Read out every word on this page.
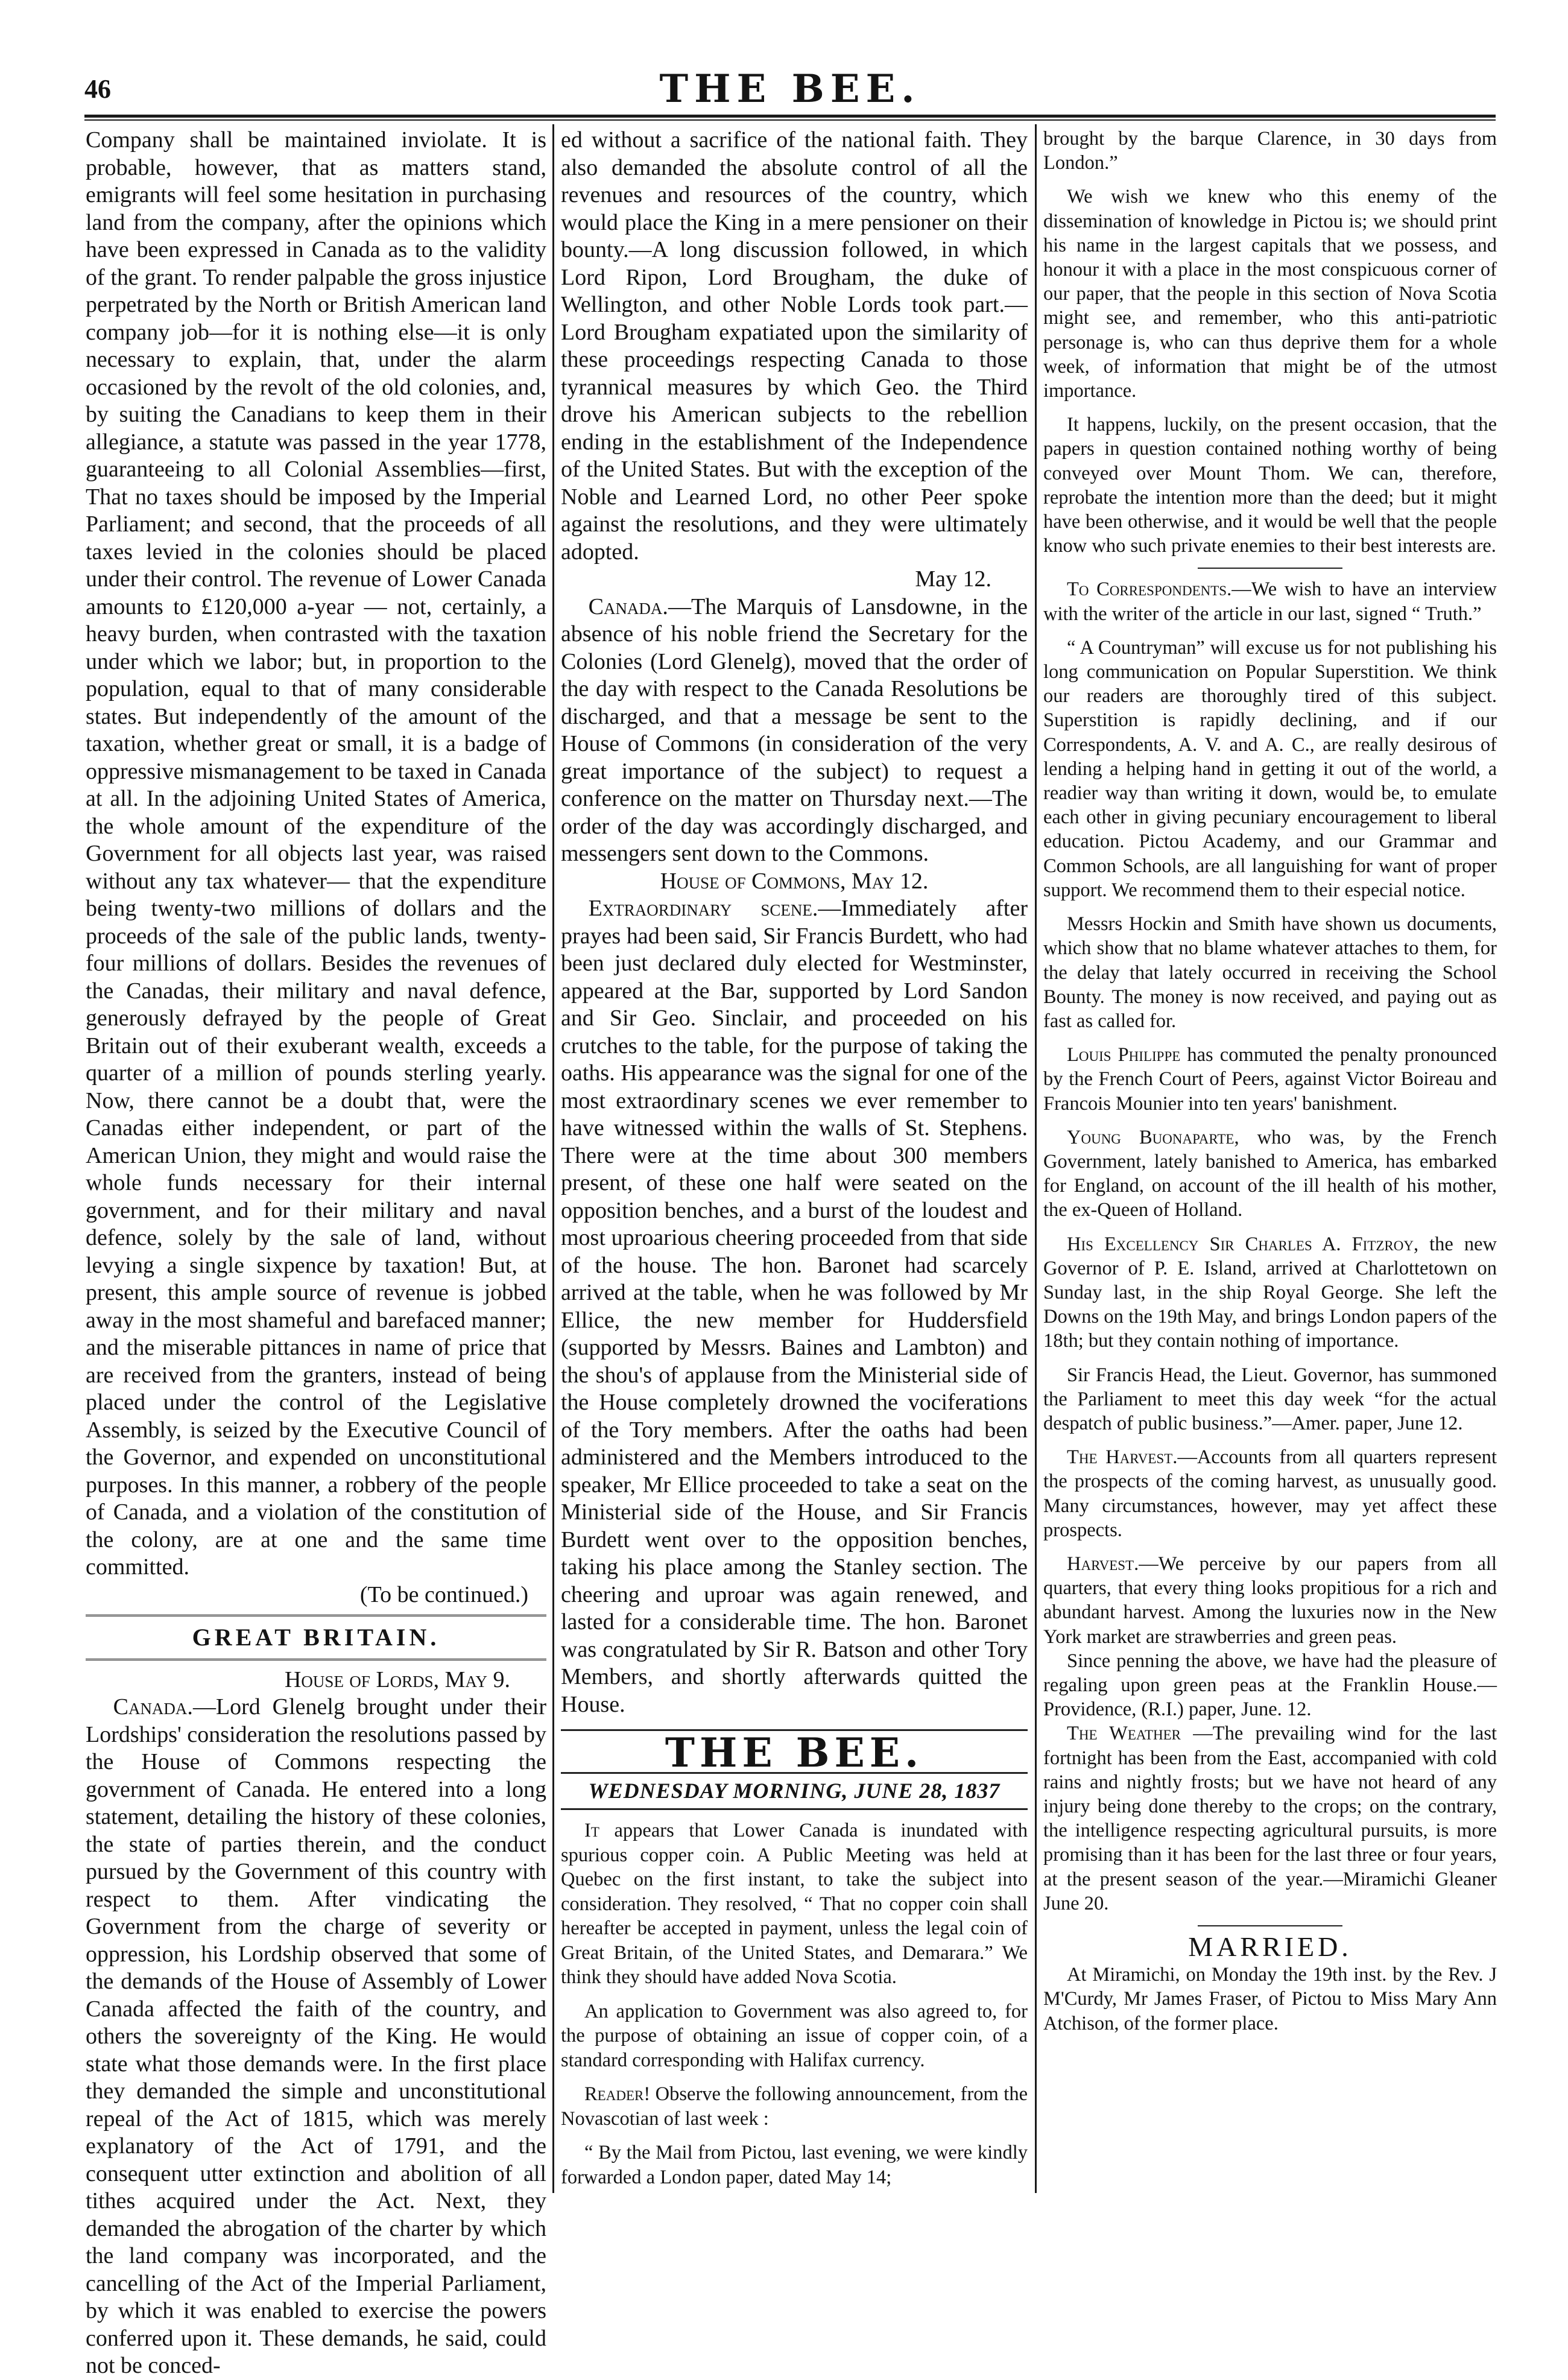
46	THE BEE.

Company shall be maintained inviolate. It is probable, however, that as matters stand, emigrants will feel some hesitation in purchasing land from the company, after the opinions which have been expressed in Canada as to the validity of the grant. To render palpable the gross injustice perpetrated by the North or British American land company job—for it is nothing else—it is only necessary to explain, that, under the alarm occasioned by the revolt of the old colonies, and, by suiting the Canadians to keep them in their allegiance, a statute was passed in the year 1778, guaranteeing to all Colonial Assemblies—first, That no taxes should be imposed by the Imperial Parliament; and second, that the proceeds of all taxes levied in the colonies should be placed under their control. The revenue of Lower Canada amounts to £120,000 a-year — not, certainly, a heavy burden, when contrasted with the taxation under which we labor; but, in proportion to the population, equal to that of many considerable states. But independently of the amount of the taxation, whether great or small, it is a badge of oppressive mismanagement to be taxed in Canada at all. In the adjoining United States of America, the whole amount of the expenditure of the Government for all objects last year, was raised without any tax whatever— that the expenditure being twenty-two millions of dollars and the proceeds of the sale of the public lands, twenty-four millions of dollars. Besides the revenues of the Canadas, their military and naval defence, generously defrayed by the people of Great Britain out of their exuberant wealth, exceeds a quarter of a million of pounds sterling yearly. Now, there cannot be a doubt that, were the Canadas either independent, or part of the American Union, they might and would raise the whole funds necessary for their internal government, and for their military and naval defence, solely by the sale of land, without levying a single sixpence by taxation! But, at present, this ample source of revenue is jobbed away in the most shameful and barefaced manner; and the miserable pittances in name of price that are received from the granters, instead of being placed under the control of the Legislative Assembly, is seized by the Executive Council of the Governor, and expended on unconstitutional purposes. In this manner, a robbery of the people of Canada, and a violation of the constitution of the colony, are at one and the same time committed.

(To be continued.)

GREAT BRITAIN.

House of Lords, May 9.

Canada.—Lord Glenelg brought under their Lordships' consideration the resolutions passed by the House of Commons respecting the government of Canada. He entered into a long statement, detailing the history of these colonies, the state of parties therein, and the conduct pursued by the Government of this country with respect to them. After vindicating the Government from the charge of severity or oppression, his Lordship observed that some of the demands of the House of Assembly of Lower Canada affected the faith of the country, and others the sovereignty of the King. He would state what those demands were. In the first place they demanded the simple and unconstitutional repeal of the Act of 1815, which was merely explanatory of the Act of 1791, and the consequent utter extinction and abolition of all tithes acquired under the Act. Next, they demanded the abrogation of the charter by which the land company was incorporated, and the cancelling of the Act of the Imperial Parliament, by which it was enabled to exercise the powers conferred upon it. These demands, he said, could not be conced-

ed without a sacrifice of the national faith. They also demanded the absolute control of all the revenues and resources of the country, which would place the King in a mere pensioner on their bounty.—A long discussion followed, in which Lord Ripon, Lord Brougham, the duke of Wellington, and other Noble Lords took part.—Lord Brougham expatiated upon the similarity of these proceedings respecting Canada to those tyrannical measures by which Geo. the Third drove his American subjects to the rebellion ending in the establishment of the Independence of the United States. But with the exception of the Noble and Learned Lord, no other Peer spoke against the resolutions, and they were ultimately adopted.

May 12.

Canada.—The Marquis of Lansdowne, in the absence of his noble friend the Secretary for the Colonies (Lord Glenelg), moved that the order of the day with respect to the Canada Resolutions be discharged, and that a message be sent to the House of Commons (in consideration of the very great importance of the subject) to request a conference on the matter on Thursday next.—The order of the day was accordingly discharged, and messengers sent down to the Commons.

House of Commons, May 12.

Extraordinary scene.—Immediately after prayes had been said, Sir Francis Burdett, who had been just declared duly elected for Westminster, appeared at the Bar, supported by Lord Sandon and Sir Geo. Sinclair, and proceeded on his crutches to the table, for the purpose of taking the oaths. His appearance was the signal for one of the most extraordinary scenes we ever remember to have witnessed within the walls of St. Stephens. There were at the time about 300 members present, of these one half were seated on the opposition benches, and a burst of the loudest and most uproarious cheering proceeded from that side of the house. The hon. Baronet had scarcely arrived at the table, when he was followed by Mr Ellice, the new member for Huddersfield (supported by Messrs. Baines and Lambton) and the shou's of applause from the Ministerial side of the House completely drowned the vociferations of the Tory members. After the oaths had been administered and the Members introduced to the speaker, Mr Ellice proceeded to take a seat on the Ministerial side of the House, and Sir Francis Burdett went over to the opposition benches, taking his place among the Stanley section. The cheering and uproar was again renewed, and lasted for a considerable time. The hon. Baronet was congratulated by Sir R. Batson and other Tory Members, and shortly afterwards quitted the House.

THE BEE.
WEDNESDAY MORNING, JUNE 28, 1837

It appears that Lower Canada is inundated with spurious copper coin. A Public Meeting was held at Quebec on the first instant, to take the subject into consideration. They resolved, “ That no copper coin shall hereafter be accepted in payment, unless the legal coin of Great Britain, of the United States, and Demarara.” We think they should have added Nova Scotia.

An application to Government was also agreed to, for the purpose of obtaining an issue of copper coin, of a standard corresponding with Halifax currency.

Reader! Observe the following announcement, from the Novascotian of last week :

“ By the Mail from Pictou, last evening, we were kindly forwarded a London paper, dated May 14;

brought by the barque Clarence, in 30 days from London.”

We wish we knew who this enemy of the dissemination of knowledge in Pictou is; we should print his name in the largest capitals that we possess, and honour it with a place in the most conspicuous corner of our paper, that the people in this section of Nova Scotia might see, and remember, who this anti-patriotic personage is, who can thus deprive them for a whole week, of information that might be of the utmost importance.

It happens, luckily, on the present occasion, that the papers in question contained nothing worthy of being conveyed over Mount Thom. We can, therefore, reprobate the intention more than the deed; but it might have been otherwise, and it would be well that the people know who such private enemies to their best interests are.

To Correspondents.—We wish to have an interview with the writer of the article in our last, signed “ Truth.”

“ A Countryman” will excuse us for not publishing his long communication on Popular Superstition. We think our readers are thoroughly tired of this subject. Superstition is rapidly declining, and if our Correspondents, A. V. and A. C., are really desirous of lending a helping hand in getting it out of the world, a readier way than writing it down, would be, to emulate each other in giving pecuniary encouragement to liberal education. Pictou Academy, and our Grammar and Common Schools, are all languishing for want of proper support. We recommend them to their especial notice.

Messrs Hockin and Smith have shown us documents, which show that no blame whatever attaches to them, for the delay that lately occurred in receiving the School Bounty. The money is now received, and paying out as fast as called for.

Louis Philippe has commuted the penalty pronounced by the French Court of Peers, against Victor Boireau and Francois Mounier into ten years' banishment.

Young Buonaparte, who was, by the French Government, lately banished to America, has embarked for England, on account of the ill health of his mother, the ex-Queen of Holland.

His Excellency Sir Charles A. Fitzroy, the new Governor of P. E. Island, arrived at Charlottetown on Sunday last, in the ship Royal George. She left the Downs on the 19th May, and brings London papers of the 18th; but they contain nothing of importance.

Sir Francis Head, the Lieut. Governor, has summoned the Parliament to meet this day week “for the actual despatch of public business.”—Amer. paper, June 12.

The Harvest.—Accounts from all quarters represent the prospects of the coming harvest, as unusually good. Many circumstances, however, may yet affect these prospects.

Harvest.—We perceive by our papers from all quarters, that every thing looks propitious for a rich and abundant harvest. Among the luxuries now in the New York market are strawberries and green peas.

Since penning the above, we have had the pleasure of regaling upon green peas at the Franklin House.—Providence, (R.I.) paper, June. 12.

The Weather —The prevailing wind for the last fortnight has been from the East, accompanied with cold rains and nightly frosts; but we have not heard of any injury being done thereby to the crops; on the contrary, the intelligence respecting agricultural pursuits, is more promising than it has been for the last three or four years, at the present season of the year.—Miramichi Gleaner June 20.

MARRIED.

At Miramichi, on Monday the 19th inst. by the Rev. J M'Curdy, Mr James Fraser, of Pictou to Miss Mary Ann Atchison, of the former place.
